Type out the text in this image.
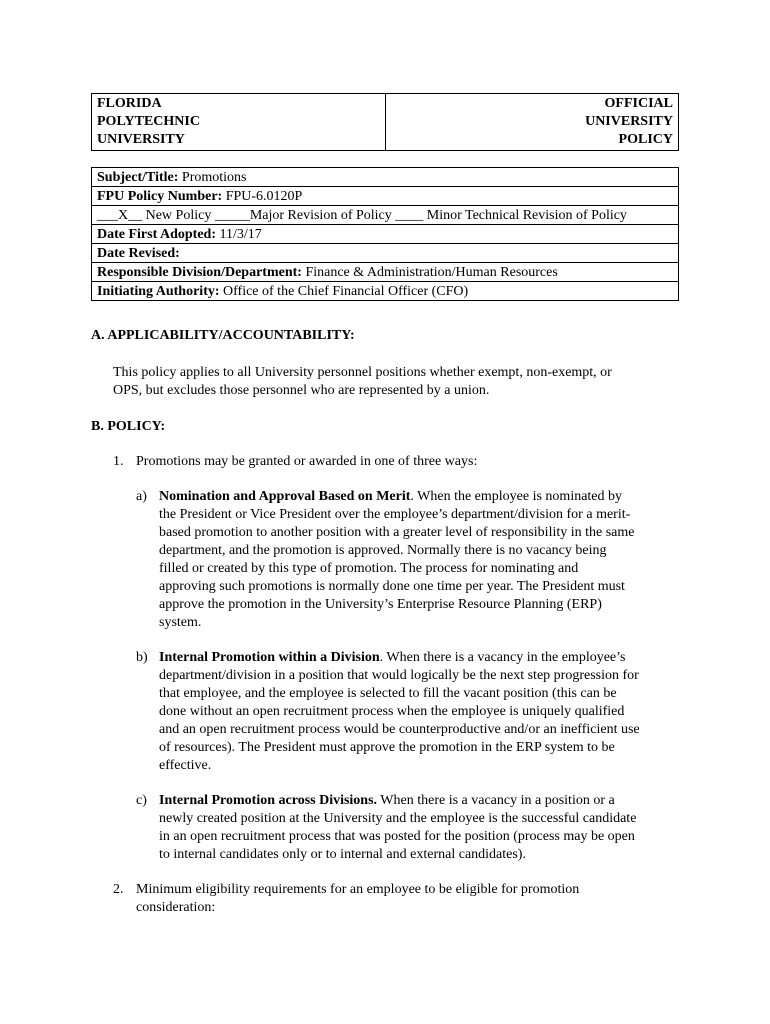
FLORIDA
POLYTECHNIC
UNIVERSITY

OFFICIAL
UNIVERSITY
POLICY
Subject/Title: Promotions
FPU Policy Number: FPU-6.0120P
___X__ New Policy _____Major Revision of Policy ____ Minor Technical Revision of Policy
Date First Adopted: 11/3/17
Date Revised:
Responsible Division/Department: Finance & Administration/Human Resources
Initiating Authority: Office of the Chief Financial Officer (CFO)
A. APPLICABILITY/ACCOUNTABILITY:
This policy applies to all University personnel positions whether exempt, non-exempt, or
OPS, but excludes those personnel who are represented by a union.
B. POLICY:
1. Promotions may be granted or awarded in one of three ways:
a) Nomination and Approval Based on Merit. When the employee is nominated by
the President or Vice President over the employee’s department/division for a merit-
based promotion to another position with a greater level of responsibility in the same
department, and the promotion is approved. Normally there is no vacancy being
filled or created by this type of promotion. The process for nominating and
approving such promotions is normally done one time per year. The President must
approve the promotion in the University’s Enterprise Resource Planning (ERP)
system.
b) Internal Promotion within a Division. When there is a vacancy in the employee’s
department/division in a position that would logically be the next step progression for
that employee, and the employee is selected to fill the vacant position (this can be
done without an open recruitment process when the employee is uniquely qualified
and an open recruitment process would be counterproductive and/or an inefficient use
of resources). The President must approve the promotion in the ERP system to be
effective.
c) Internal Promotion across Divisions. When there is a vacancy in a position or a
newly created position at the University and the employee is the successful candidate
in an open recruitment process that was posted for the position (process may be open
to internal candidates only or to internal and external candidates).
2. Minimum eligibility requirements for an employee to be eligible for promotion
consideration:
